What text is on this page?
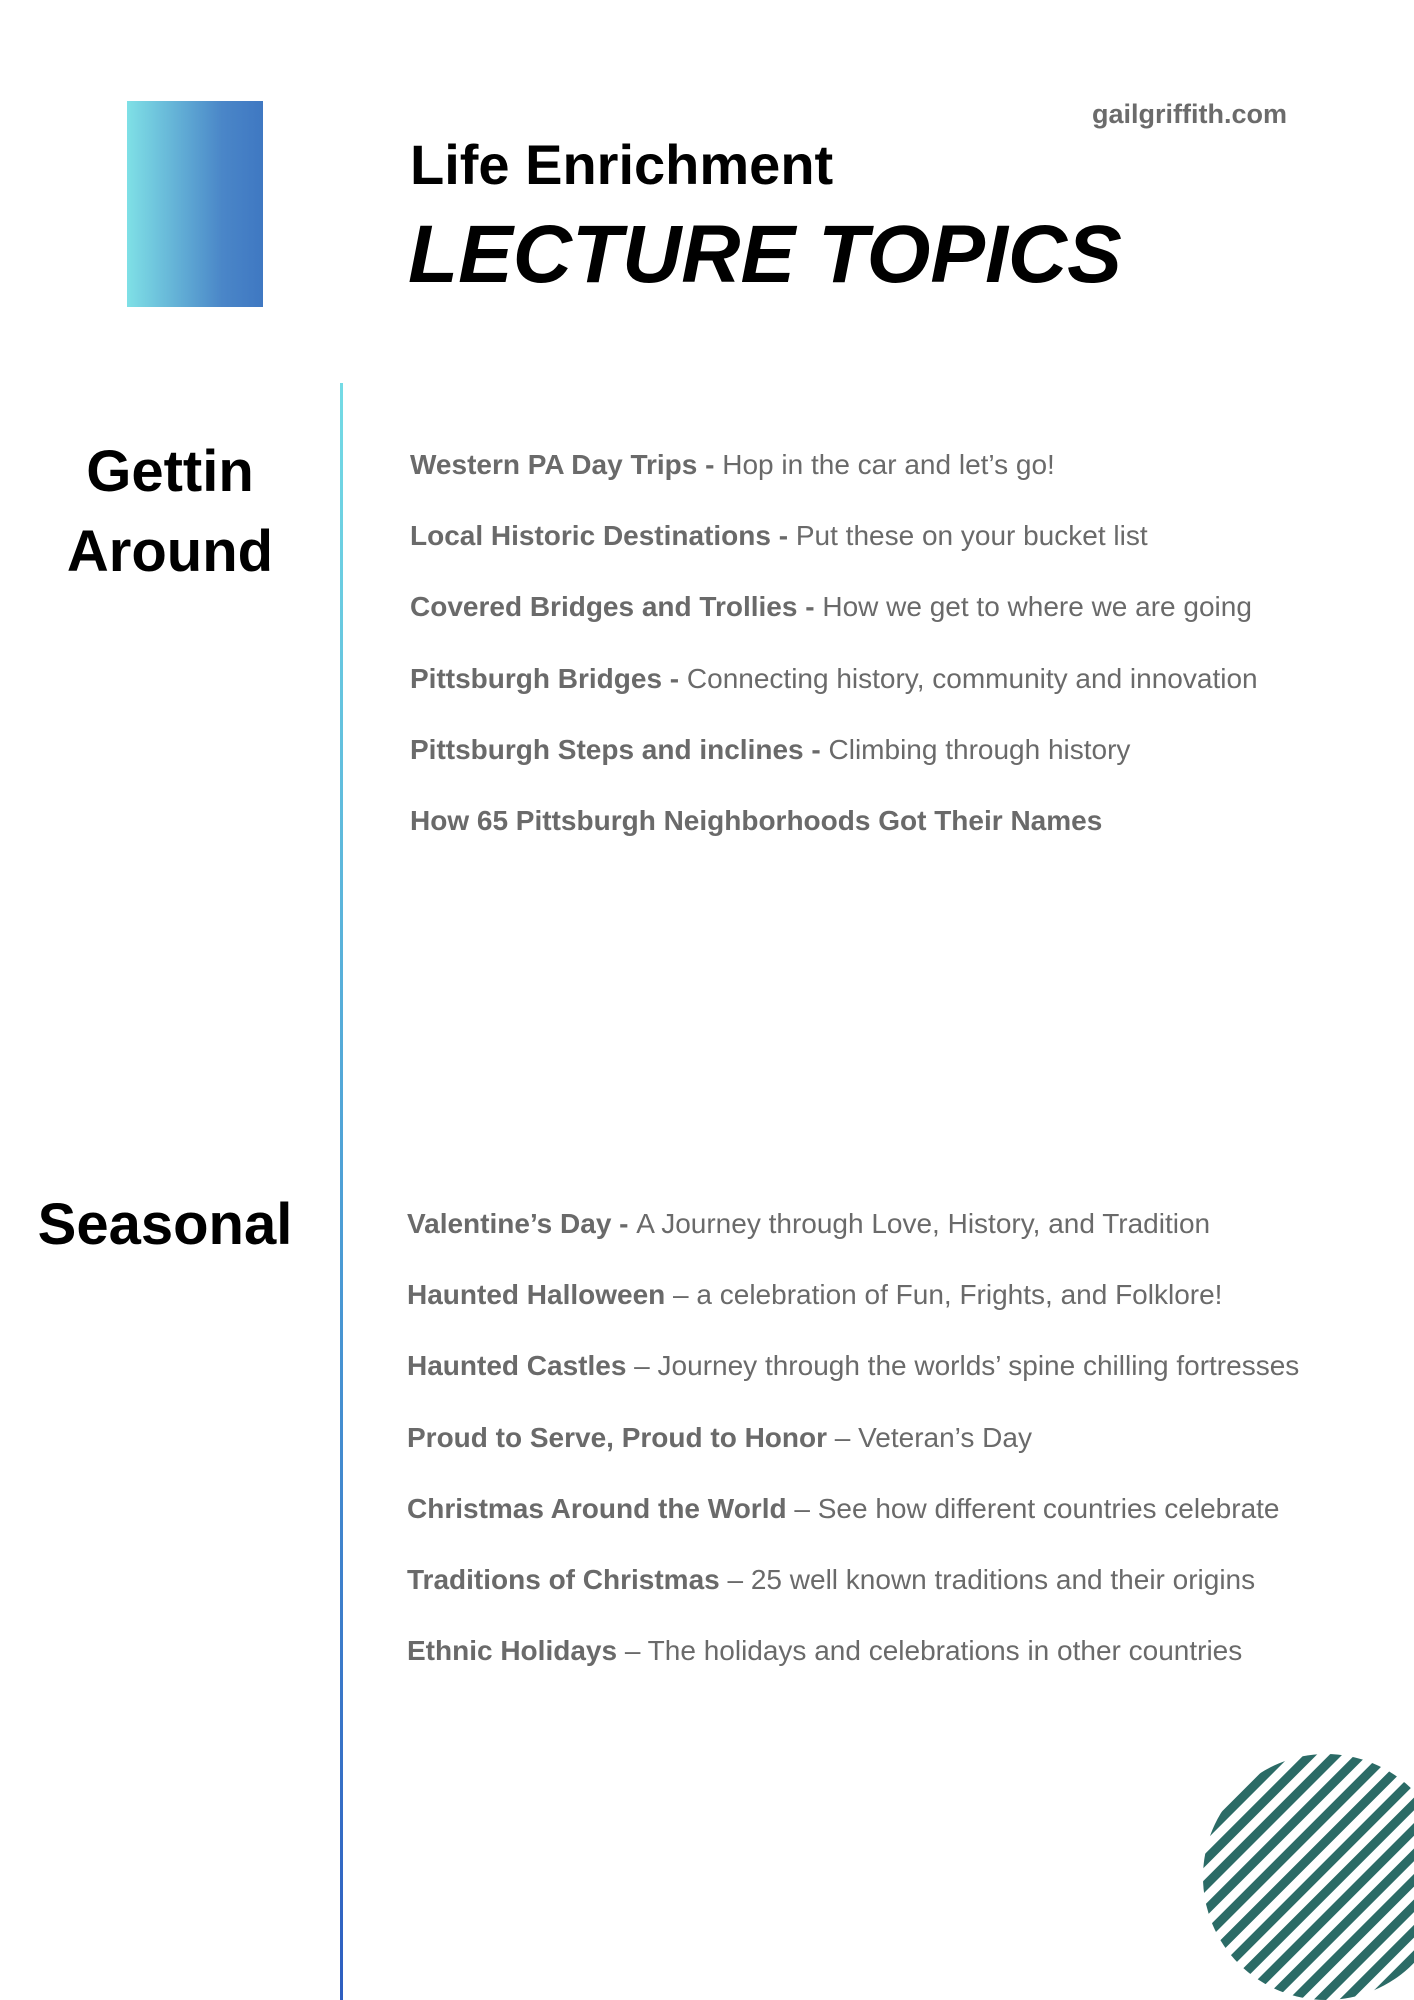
gailgriffith.com
Life Enrichment
LECTURE TOPICS
Gettin
Around
Western PA Day Trips - Hop in the car and let’s go!
Local Historic Destinations - Put these on your bucket list
Covered Bridges and Trollies - How we get to where we are going
Pittsburgh Bridges - Connecting history, community and innovation
Pittsburgh Steps and inclines - Climbing through history
How 65 Pittsburgh Neighborhoods Got Their Names
Seasonal	Valentine’s Day - A Journey through Love, History, and Tradition
Haunted Halloween – a celebration of Fun, Frights, and Folklore!
Haunted Castles – Journey through the worlds’ spine chilling fortresses
Proud to Serve, Proud to Honor – Veteran’s Day
Christmas Around the World – See how different countries celebrate
Traditions of Christmas – 25 well known traditions and their origins
Ethnic Holidays – The holidays and celebrations in other countries
